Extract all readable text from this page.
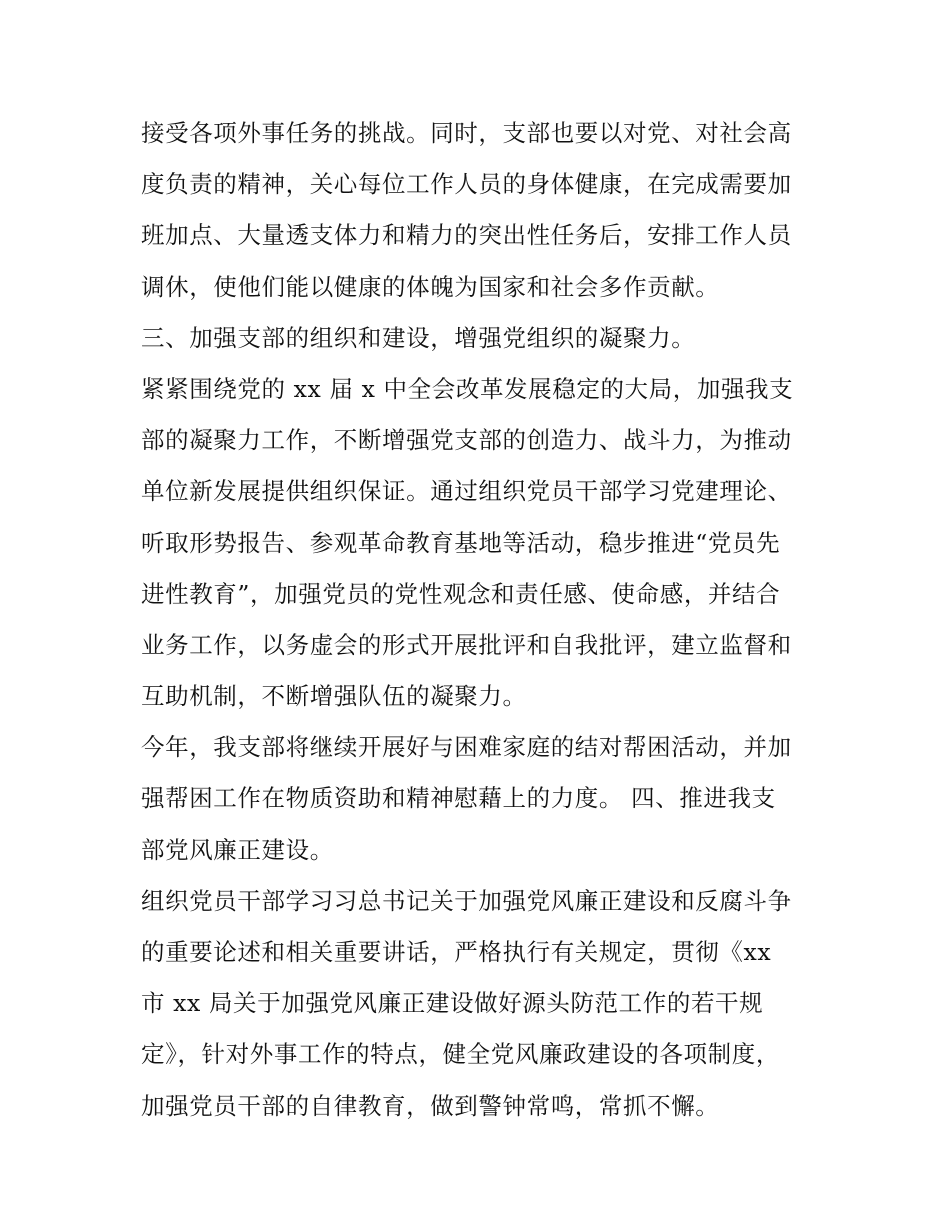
接受各项外事任务的挑战。同时，支部也要以对党、对社会高
度负责的精神，关心每位工作人员的身体健康，在完成需要加
班加点、大量透支体力和精力的突出性任务后，安排工作人员
调休，使他们能以健康的体魄为国家和社会多作贡献。
三、加强支部的组织和建设，增强党组织的凝聚力。
紧紧围绕党的 xx 届 x 中全会改革发展稳定的大局，加强我支
部的凝聚力工作，不断增强党支部的创造力、战斗力，为推动
单位新发展提供组织保证。通过组织党员干部学习党建理论、
听取形势报告、参观革命教育基地等活动，稳步推进“党员先
进性教育”，加强党员的党性观念和责任感、使命感，并结合
业务工作，以务虚会的形式开展批评和自我批评，建立监督和
互助机制，不断增强队伍的凝聚力。
今年，我支部将继续开展好与困难家庭的结对帮困活动，并加
强帮困工作在物质资助和精神慰藉上的力度。 四、推进我支
部党风廉正建设。
组织党员干部学习习总书记关于加强党风廉正建设和反腐斗争
的重要论述和相关重要讲话，严格执行有关规定，贯彻《xx
市 xx 局关于加强党风廉正建设做好源头防范工作的若干规
定》，针对外事工作的特点，健全党风廉政建设的各项制度，
加强党员干部的自律教育，做到警钟常鸣，常抓不懈。
